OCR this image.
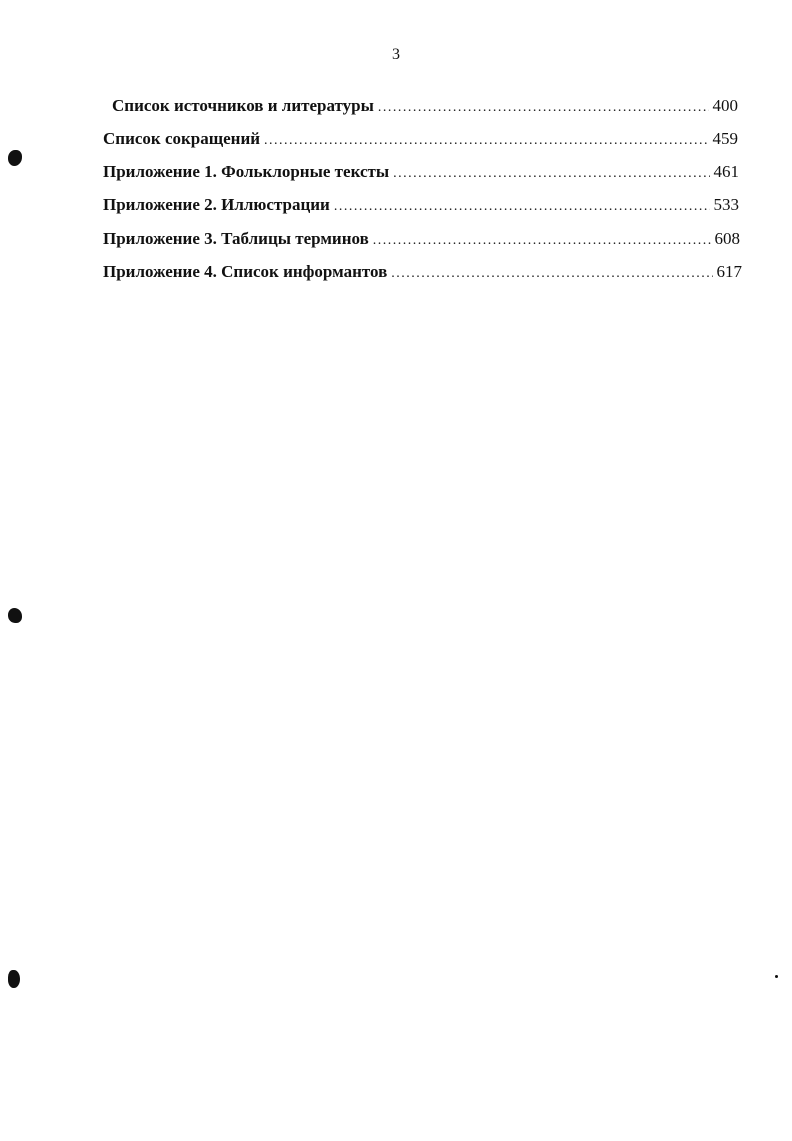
3
Список источников и литературы .....	400
Список сокращений .....	459
Приложение 1. Фольклорные тексты .....	461
Приложение 2. Иллюстрации .....	533
Приложение 3. Таблицы терминов .....	608
Приложение 4. Список информантов .....	617
